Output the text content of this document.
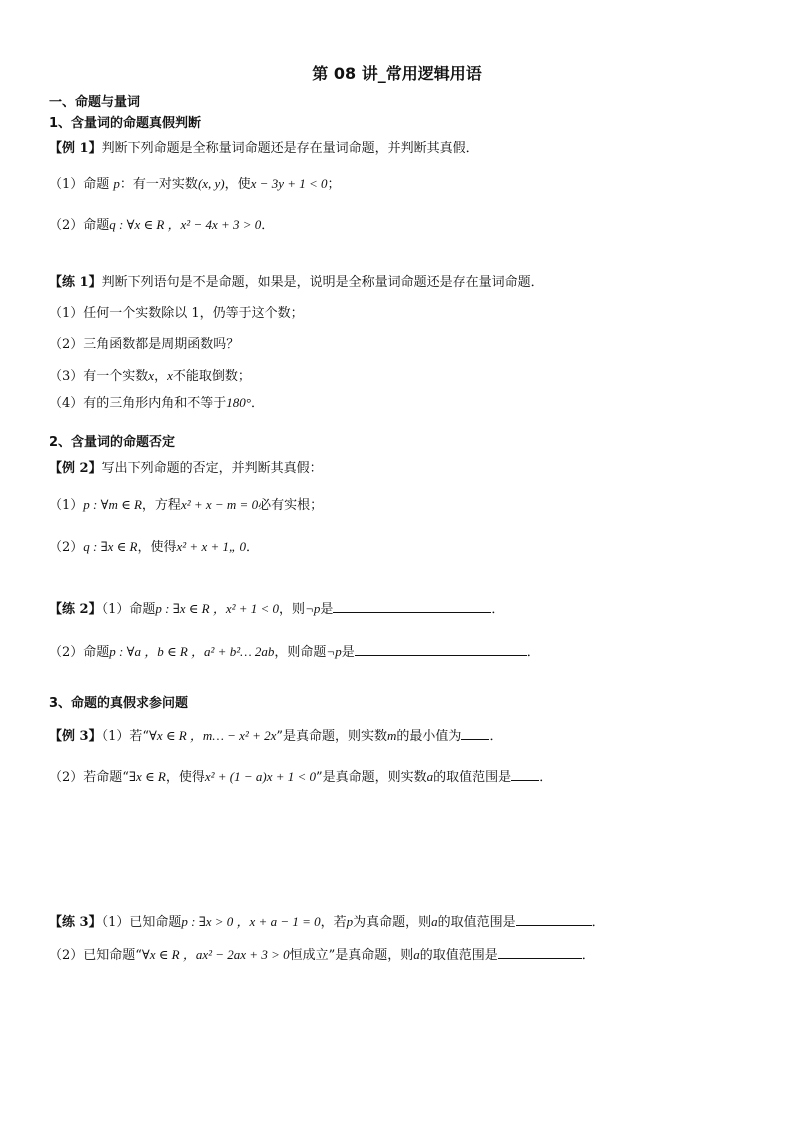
第 08 讲_常用逻辑用语
一、命题与量词
1、含量词的命题真假判断
【例 1】判断下列命题是全称量词命题还是存在量词命题，并判断其真假．
（1）命题 p：有一对实数(x, y)，使x − 3y + 1 < 0；
（2）命题q : ∀x ∈ R ，x² − 4x + 3 > 0．
【练 1】判断下列语句是不是命题，如果是，说明是全称量词命题还是存在量词命题．
（1）任何一个实数除以 1，仍等于这个数；
（2）三角函数都是周期函数吗？
（3）有一个实数x，x不能取倒数；
（4）有的三角形内角和不等于180°．
2、含量词的命题否定
【例 2】写出下列命题的否定，并判断其真假：
（1）p : ∀m ∈ R，方程x² + x − m = 0必有实根；
（2）q : ∃x ∈ R，使得x² + x + 1„ 0．
【练 2】（1）命题p : ∃x ∈ R ，x² + 1 < 0，则¬p是	．
（2）命题p : ∀a ，b ∈ R ，a² + b²… 2ab，则命题¬p是	．
3、命题的真假求参问题
【例 3】（1）若“∀x ∈ R ，m… − x² + 2x”是真命题，则实数m的最小值为 ．
（2）若命题“∃x ∈ R，使得x² + (1 − a)x + 1 < 0”是真命题，则实数a的取值范围是 ．
【练 3】（1）已知命题p : ∃x > 0 ，x + a − 1 = 0，若p为真命题，则a的取值范围是	．
（2）已知命题“∀x ∈ R ，ax² − 2ax + 3 > 0恒成立”是真命题，则a的取值范围是	．
